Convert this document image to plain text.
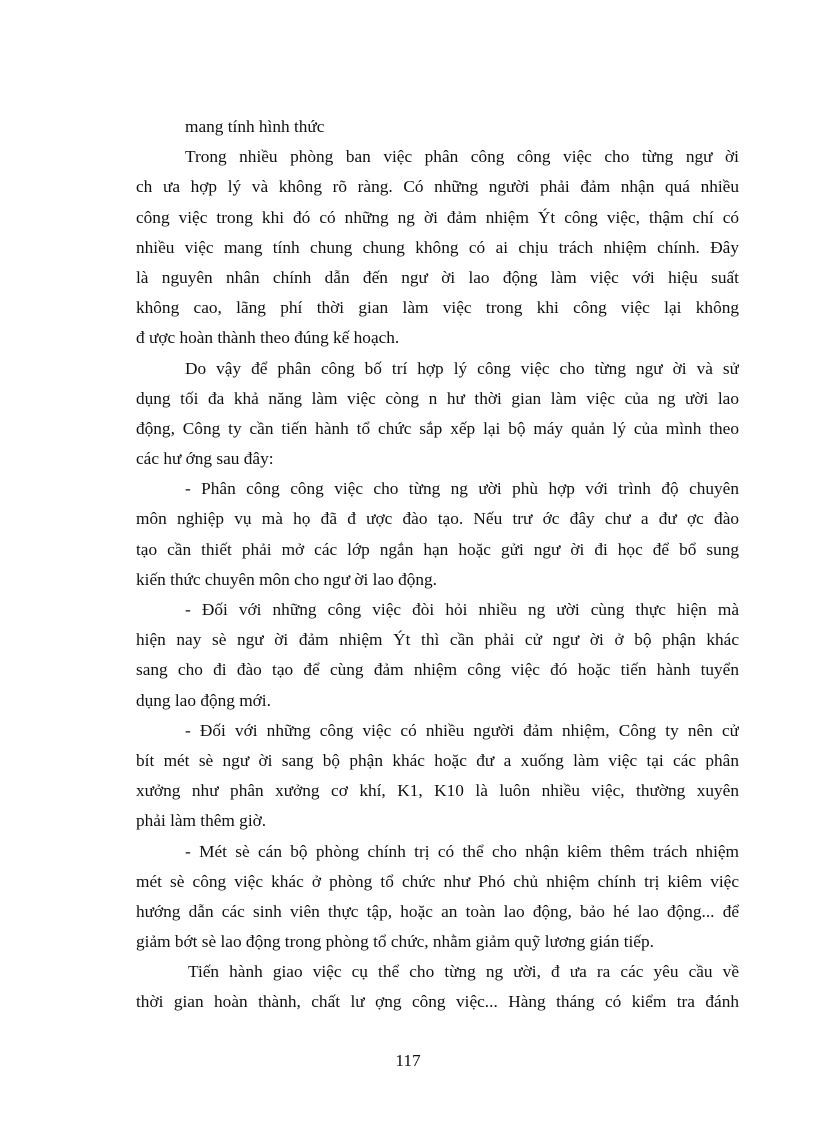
mang tính hình thức
Trong nhiều phòng ban việc phân công công việc cho từng ngư ời
ch ưa hợp lý và không rõ ràng. Có những người phải đảm nhận quá nhiều
công việc trong khi đó có những ng ời đảm nhiệm Ýt công việc, thậm chí có
nhiều việc mang tính chung chung không có ai chịu trách nhiệm chính. Đây
là nguyên nhân chính dẫn đến ngư ời lao động làm việc với hiệu suất
không cao, lãng phí thời gian làm việc trong khi công việc lại không
đ ược hoàn thành theo đúng kế hoạch.
Do vậy để phân công bố trí hợp lý công việc cho từng ngư ời và sử
dụng tối đa khả năng làm việc còng n hư thời gian làm việc của ng ười lao
động, Công ty cần tiến hành tổ chức sắp xếp lại bộ máy quản lý của mình theo
các hư ớng sau đây:
- Phân công công việc cho từng ng ười phù hợp với trình độ chuyên
môn nghiệp vụ mà họ đã đ ược đào tạo. Nếu trư ớc đây chư a đư ợc đào
tạo cần thiết phải mở các lớp ngắn hạn hoặc gửi ngư ời đi học để bổ sung
kiến thức chuyên môn cho ngư ời lao động.
- Đối với những công việc đòi hỏi nhiều ng ười cùng thực hiện mà
hiện nay sè ngư ời đảm nhiệm Ýt thì cần phải cử ngư ời ở bộ phận khác
sang cho đi đào tạo để cùng đảm nhiệm công việc đó hoặc tiến hành tuyển
dụng lao động mới.
- Đối với những công việc có nhiều người đảm nhiệm, Công ty nên cử
bít mét sè ngư ời sang bộ phận khác hoặc đư a xuống làm việc tại các phân
xưởng như phân xưởng cơ khí, K1, K10 là luôn nhiều việc, thường xuyên
phải làm thêm giờ.
- Mét sè cán bộ phòng chính trị có thể cho nhận kiêm thêm trách nhiệm
mét sè công việc khác ở phòng tổ chức như Phó chủ nhiệm chính trị kiêm việc
hướng dẫn các sinh viên thực tập, hoặc an toàn lao động, bảo hé lao động... để
giảm bớt sè lao động trong phòng tổ chức, nhằm giảm quỹ lương gián tiếp.
Tiến hành giao việc cụ thể cho từng ng ười, đ ưa ra các yêu cầu về
thời gian hoàn thành, chất lư ợng công việc... Hàng tháng có kiểm tra đánh
117
